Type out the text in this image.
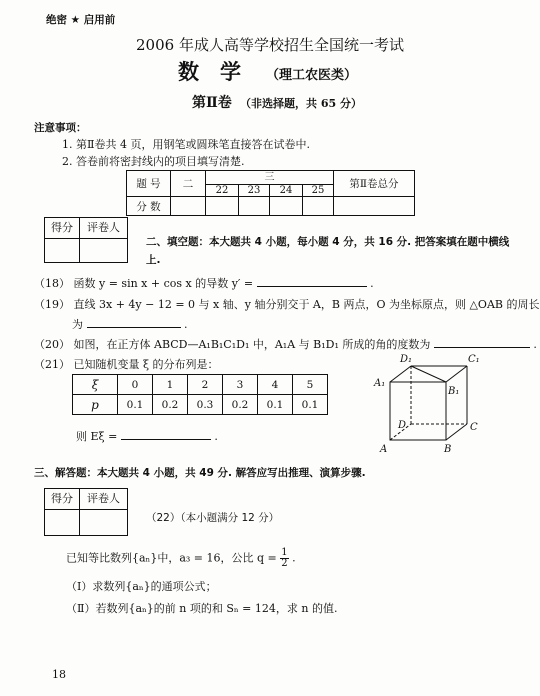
绝密 ★ 启用前
2006 年成人高等学校招生全国统一考试
数　学 （理工农医类）
第Ⅱ卷 （非选择题，共 65 分）
注意事项：
1. 第Ⅱ卷共 4 页，用钢笔或圆珠笔直接答在试卷中.
2. 答卷前将密封线内的项目填写清楚.
题 号	二	三				第Ⅱ卷总分
		22	23	24	25	
分 数						
得分	评卷人
二、填空题：本大题共 4 小题，每小题 4 分，共 16 分. 把答案填在题中横线
上.
（18） 函数 y = sin x + cos x 的导数 y′ =	.
（19） 直线 3x + 4y − 12 = 0 与 x 轴、y 轴分别交于 A，B 两点，O 为坐标原点，则 △OAB 的周长
为	.
（20） 如图，在正方体 ABCD—A₁B₁C₁D₁ 中，A₁A 与 B₁D₁ 所成的角的度数为	.
（21） 已知随机变量 ξ 的分布列是：
ξ	0	1	2	3	4	5
p	0.1	0.2	0.3	0.2	0.1	0.1
则 Eξ =	.
D₁	C₁
A₁
B₁
D	C
A	B
三、解答题：本大题共 4 小题，共 49 分. 解答应写出推理、演算步骤.
得分	评卷人
（22）（本小题满分 12 分）
已知等比数列{aₙ}中，a₃ = 16，公比 $q = \frac{1}{2}$ .
（Ⅰ）求数列{aₙ}的通项公式；
（Ⅱ）若数列{aₙ}的前 n 项的和 Sₙ = 124，求 n 的值.
18
